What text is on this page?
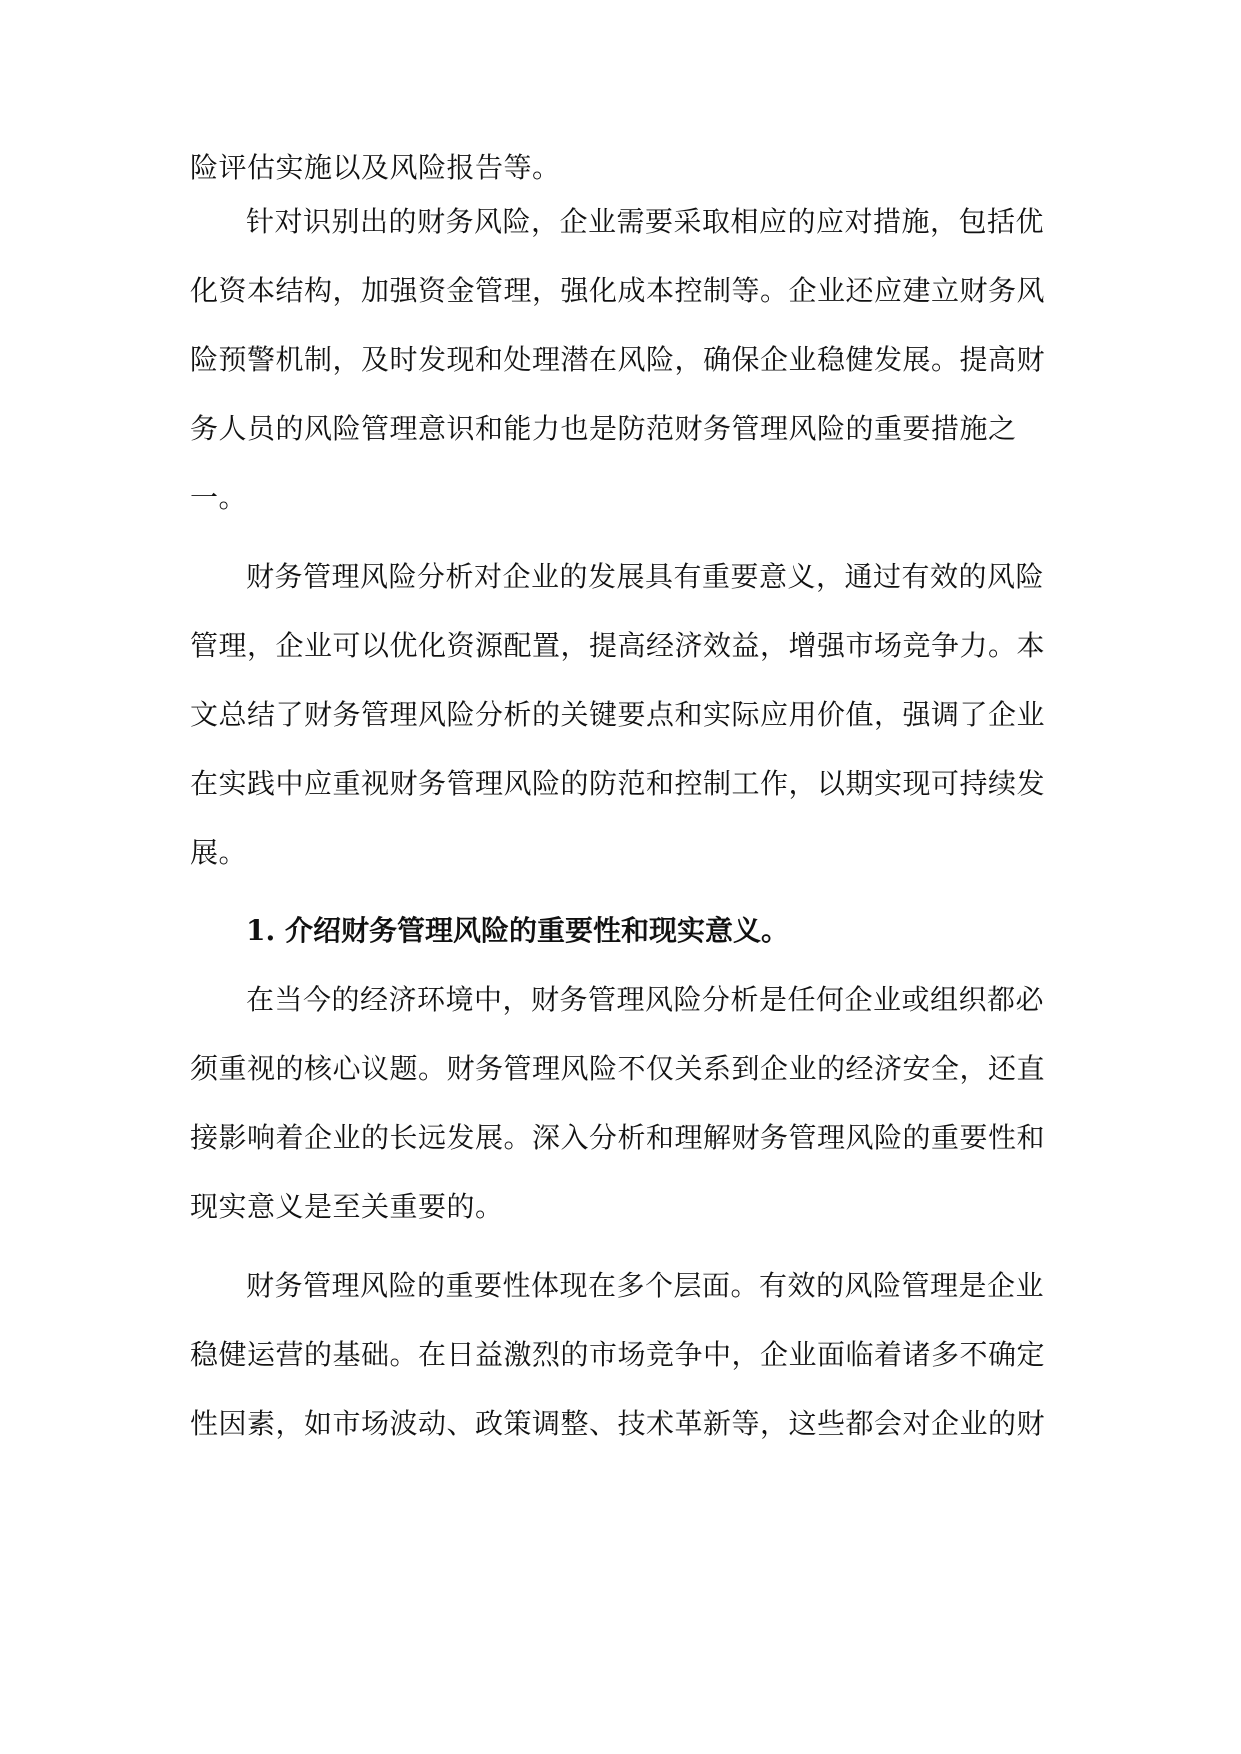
险评估实施以及风险报告等。
针对识别出的财务风险，企业需要采取相应的应对措施，包括优
化资本结构，加强资金管理，强化成本控制等。企业还应建立财务风
险预警机制，及时发现和处理潜在风险，确保企业稳健发展。提高财
务人员的风险管理意识和能力也是防范财务管理风险的重要措施之
一。
财务管理风险分析对企业的发展具有重要意义，通过有效的风险
管理，企业可以优化资源配置，提高经济效益，增强市场竞争力。本
文总结了财务管理风险分析的关键要点和实际应用价值，强调了企业
在实践中应重视财务管理风险的防范和控制工作，以期实现可持续发
展。
1. 介绍财务管理风险的重要性和现实意义。
在当今的经济环境中，财务管理风险分析是任何企业或组织都必
须重视的核心议题。财务管理风险不仅关系到企业的经济安全，还直
接影响着企业的长远发展。深入分析和理解财务管理风险的重要性和
现实意义是至关重要的。
财务管理风险的重要性体现在多个层面。有效的风险管理是企业
稳健运营的基础。在日益激烈的市场竞争中，企业面临着诸多不确定
性因素，如市场波动、政策调整、技术革新等，这些都会对企业的财
